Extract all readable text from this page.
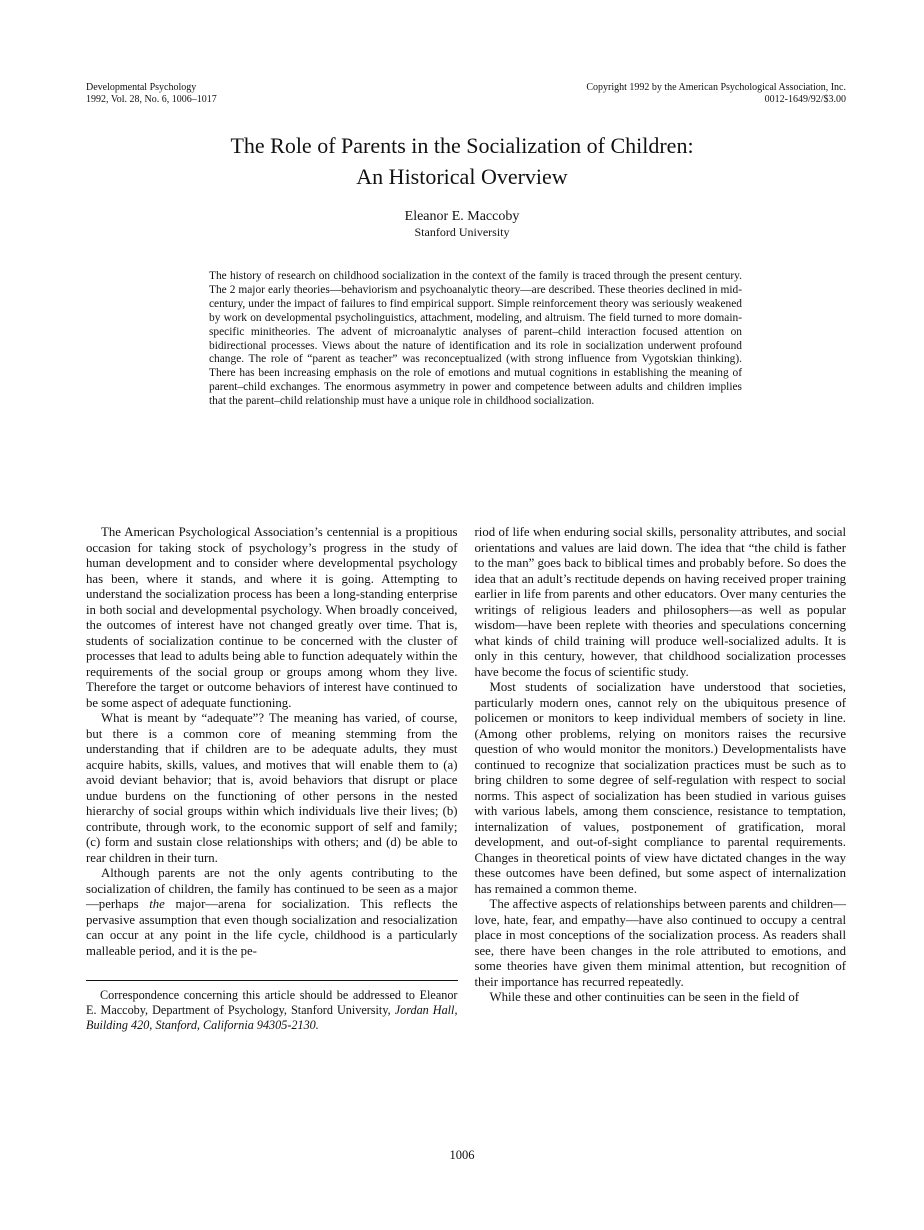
Developmental Psychology
1992, Vol. 28, No. 6, 1006–1017
Copyright 1992 by the American Psychological Association, Inc.
0012-1649/92/$3.00
The Role of Parents in the Socialization of Children:
An Historical Overview
Eleanor E. Maccoby
Stanford University
The history of research on childhood socialization in the context of the family is traced through the present century. The 2 major early theories—behaviorism and psychoanalytic theory—are described. These theories declined in mid-century, under the impact of failures to find empirical support. Simple reinforcement theory was seriously weakened by work on developmental psycholinguistics, attachment, modeling, and altruism. The field turned to more domain-specific minitheories. The advent of microanalytic analyses of parent–child interaction focused attention on bidirectional processes. Views about the nature of identification and its role in socialization underwent profound change. The role of “parent as teacher” was reconceptualized (with strong influence from Vygotskian thinking). There has been increasing emphasis on the role of emotions and mutual cognitions in establishing the meaning of parent–child exchanges. The enormous asymmetry in power and competence between adults and children implies that the parent–child relationship must have a unique role in childhood socialization.

The American Psychological Association’s centennial is a propitious occasion for taking stock of psychology’s progress in the study of human development and to consider where developmental psychology has been, where it stands, and where it is going. Attempting to understand the socialization process has been a long-standing enterprise in both social and developmental psychology. When broadly conceived, the outcomes of interest have not changed greatly over time. That is, students of socialization continue to be concerned with the cluster of processes that lead to adults being able to function adequately within the requirements of the social group or groups among whom they live. Therefore the target or outcome behaviors of interest have continued to be some aspect of adequate functioning.

What is meant by “adequate”? The meaning has varied, of course, but there is a common core of meaning stemming from the understanding that if children are to be adequate adults, they must acquire habits, skills, values, and motives that will enable them to (a) avoid deviant behavior; that is, avoid behaviors that disrupt or place undue burdens on the functioning of other persons in the nested hierarchy of social groups within which individuals live their lives; (b) contribute, through work, to the economic support of self and family; (c) form and sustain close relationships with others; and (d) be able to rear children in their turn.

Although parents are not the only agents contributing to the socialization of children, the family has continued to be seen as a major—perhaps the major—arena for socialization. This reflects the pervasive assumption that even though socialization and resocialization can occur at any point in the life cycle, childhood is a particularly malleable period, and it is the pe-

Correspondence concerning this article should be addressed to Eleanor E. Maccoby, Department of Psychology, Stanford University, Jordan Hall, Building 420, Stanford, California 94305-2130.

riod of life when enduring social skills, personality attributes, and social orientations and values are laid down. The idea that “the child is father to the man” goes back to biblical times and probably before. So does the idea that an adult’s rectitude depends on having received proper training earlier in life from parents and other educators. Over many centuries the writings of religious leaders and philosophers—as well as popular wisdom—have been replete with theories and speculations concerning what kinds of child training will produce well-socialized adults. It is only in this century, however, that childhood socialization processes have become the focus of scientific study.

Most students of socialization have understood that societies, particularly modern ones, cannot rely on the ubiquitous presence of policemen or monitors to keep individual members of society in line. (Among other problems, relying on monitors raises the recursive question of who would monitor the monitors.) Developmentalists have continued to recognize that socialization practices must be such as to bring children to some degree of self-regulation with respect to social norms. This aspect of socialization has been studied in various guises with various labels, among them conscience, resistance to temptation, internalization of values, postponement of gratification, moral development, and out-of-sight compliance to parental requirements. Changes in theoretical points of view have dictated changes in the way these outcomes have been defined, but some aspect of internalization has remained a common theme.

The affective aspects of relationships between parents and children—love, hate, fear, and empathy—have also continued to occupy a central place in most conceptions of the socialization process. As readers shall see, there have been changes in the role attributed to emotions, and some theories have given them minimal attention, but recognition of their importance has recurred repeatedly.

While these and other continuities can be seen in the field of

1006
